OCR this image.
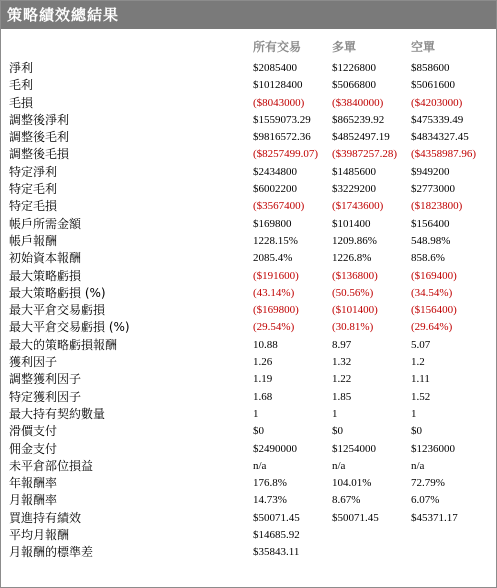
策略績效總結果
所有交易	多單	空單
淨利	$2085400	$1226800	$858600
毛利	$10128400	$5066800	$5061600
毛損	($8043000)	($3840000)	($4203000)
調整後淨利	$1559073.29 $865239.92 $475339.49
調整後毛利	$9816572.36 $4852497.19 $4834327.45
調整後毛損	($8257499.07) ($3987257.28) ($4358987.96)
特定淨利	$2434800	$1485600	$949200
特定毛利	$6002200	$3229200	$2773000
特定毛損	($3567400)	($1743600)	($1823800)
帳戶所需金額	$169800	$101400	$156400
帳戶報酬	1228.15%	1209.86%	548.98%
初始資本報酬	2085.4%	1226.8%	858.6%
最大策略虧損	($191600)	($136800)	($169400)
最大策略虧損 (%)	(43.14%)	(50.56%)	(34.54%)
最大平倉交易虧損	($169800)	($101400)	($156400)
最大平倉交易虧損 (%)	(29.54%)	(30.81%)	(29.64%)
最大的策略虧損報酬	10.88	8.97	5.07
獲利因子	1.26	1.32	1.2
調整獲利因子	1.19	1.22	1.11
特定獲利因子	1.68	1.85	1.52
最大持有契約數量	1	1	1
滑價支付	$0	$0	$0
佣金支付	$2490000	$1254000	$1236000
未平倉部位損益	n/a	n/a	n/a
年報酬率	176.8%	104.01%	72.79%
月報酬率	14.73%	8.67%	6.07%
買進持有績效	$50071.45	$50071.45	$45371.17
平均月報酬	$14685.92
月報酬的標準差	$35843.11
